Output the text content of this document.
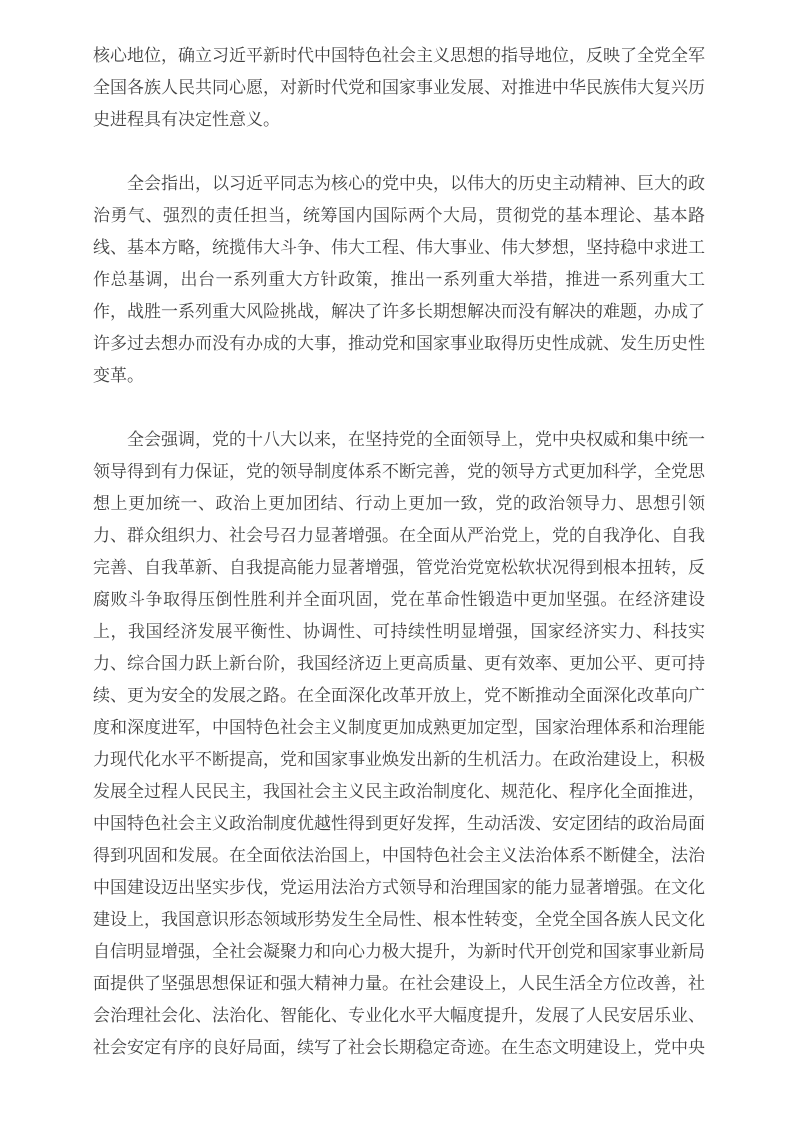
核心地位，确立习近平新时代中国特色社会主义思想的指导地位，反映了全党全军全国各族人民共同心愿，对新时代党和国家事业发展、对推进中华民族伟大复兴历史进程具有决定性意义。

全会指出，以习近平同志为核心的党中央，以伟大的历史主动精神、巨大的政治勇气、强烈的责任担当，统筹国内国际两个大局，贯彻党的基本理论、基本路线、基本方略，统揽伟大斗争、伟大工程、伟大事业、伟大梦想，坚持稳中求进工作总基调，出台一系列重大方针政策，推出一系列重大举措，推进一系列重大工作，战胜一系列重大风险挑战，解决了许多长期想解决而没有解决的难题，办成了许多过去想办而没有办成的大事，推动党和国家事业取得历史性成就、发生历史性变革。

全会强调，党的十八大以来，在坚持党的全面领导上，党中央权威和集中统一领导得到有力保证，党的领导制度体系不断完善，党的领导方式更加科学，全党思想上更加统一、政治上更加团结、行动上更加一致，党的政治领导力、思想引领力、群众组织力、社会号召力显著增强。在全面从严治党上，党的自我净化、自我完善、自我革新、自我提高能力显著增强，管党治党宽松软状况得到根本扭转，反腐败斗争取得压倒性胜利并全面巩固，党在革命性锻造中更加坚强。在经济建设上，我国经济发展平衡性、协调性、可持续性明显增强，国家经济实力、科技实力、综合国力跃上新台阶，我国经济迈上更高质量、更有效率、更加公平、更可持续、更为安全的发展之路。在全面深化改革开放上，党不断推动全面深化改革向广度和深度进军，中国特色社会主义制度更加成熟更加定型，国家治理体系和治理能力现代化水平不断提高，党和国家事业焕发出新的生机活力。在政治建设上，积极发展全过程人民民主，我国社会主义民主政治制度化、规范化、程序化全面推进，中国特色社会主义政治制度优越性得到更好发挥，生动活泼、安定团结的政治局面得到巩固和发展。在全面依法治国上，中国特色社会主义法治体系不断健全，法治中国建设迈出坚实步伐，党运用法治方式领导和治理国家的能力显著增强。在文化建设上，我国意识形态领域形势发生全局性、根本性转变，全党全国各族人民文化自信明显增强，全社会凝聚力和向心力极大提升，为新时代开创党和国家事业新局面提供了坚强思想保证和强大精神力量。在社会建设上，人民生活全方位改善，社会治理社会化、法治化、智能化、专业化水平大幅度提升，发展了人民安居乐业、社会安定有序的良好局面，续写了社会长期稳定奇迹。在生态文明建设上，党中央
